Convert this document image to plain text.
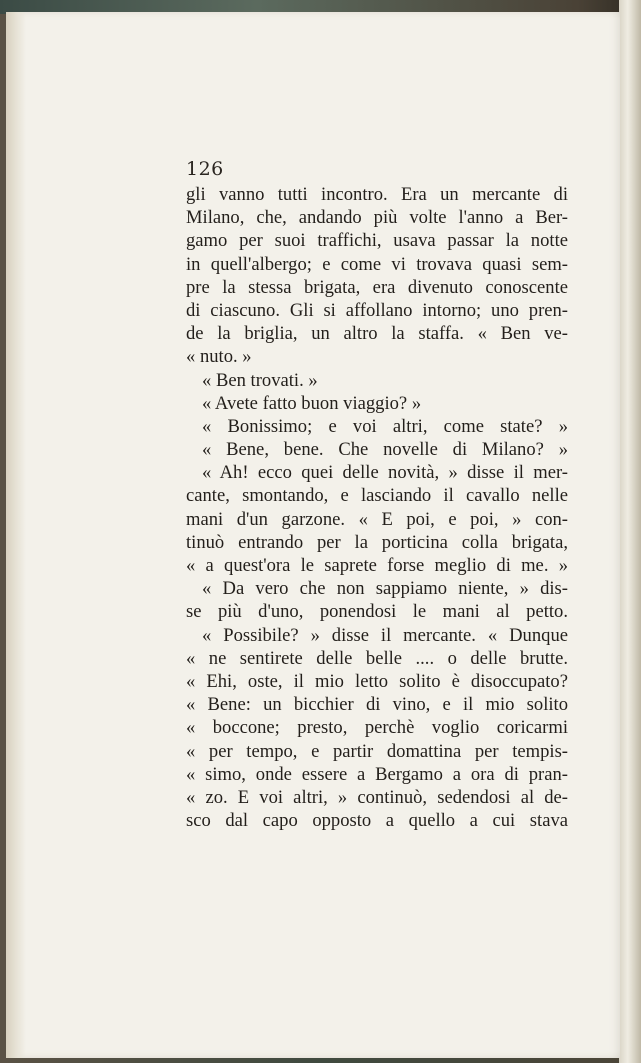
126
gli vanno tutti incontro. Era un mercante di
Milano, che, andando più volte l'anno a Ber-
gamo per suoi traffichi, usava passar la notte
in quell'albergo; e come vi trovava quasi sem-
pre la stessa brigata, era divenuto conoscente
di ciascuno. Gli si affollano intorno; uno pren-
de la briglia, un altro la staffa. « Ben ve-
« nuto. »
« Ben trovati. »
« Avete fatto buon viaggio? »
« Bonissimo; e voi altri, come state? »
« Bene, bene. Che novelle di Milano? »
« Ah! ecco quei delle novità, » disse il mer-
cante, smontando, e lasciando il cavallo nelle
mani d'un garzone. « E poi, e poi, » con-
tinuò entrando per la porticina colla brigata,
« a quest'ora le saprete forse meglio di me. »
« Da vero che non sappiamo niente, » dis-
se più d'uno, ponendosi le mani al petto.
« Possibile? » disse il mercante. « Dunque
« ne sentirete delle belle .... o delle brutte.
« Ehi, oste, il mio letto solito è disoccupato?
« Bene: un bicchier di vino, e il mio solito
« boccone; presto, perchè voglio coricarmi
« per tempo, e partir domattina per tempis-
« simo, onde essere a Bergamo a ora di pran-
« zo. E voi altri, » continuò, sedendosi al de-
sco dal capo opposto a quello a cui stava
